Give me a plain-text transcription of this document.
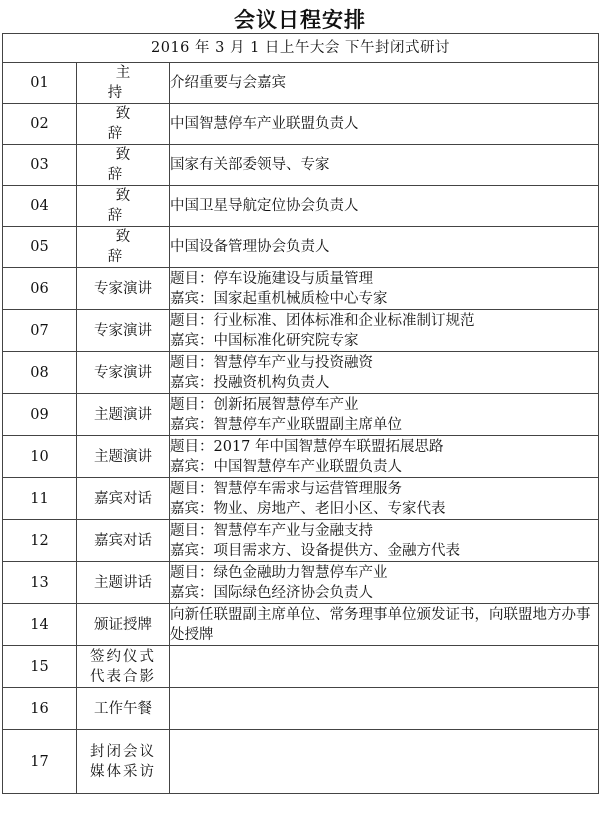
会议日程安排
2016 年 3 月 1 日上午大会 下午封闭式研讨		
01	主 持	介绍重要与会嘉宾

02	致 辞	中国智慧停车产业联盟负责人

03	致 辞	国家有关部委领导、专家

04	致 辞	中国卫星导航定位协会负责人

05	致 辞	中国设备管理协会负责人

06	专家演讲	题目：停车设施建设与质量管理
嘉宾：国家起重机械质检中心专家

07	专家演讲	题目：行业标准、团体标准和企业标准制订规范
嘉宾：中国标准化研究院专家

08	专家演讲	题目：智慧停车产业与投资融资
嘉宾：投融资机构负责人

09	主题演讲	题目：创新拓展智慧停车产业
嘉宾：智慧停车产业联盟副主席单位

10	主题演讲	题目：2017 年中国智慧停车联盟拓展思路
嘉宾：中国智慧停车产业联盟负责人

11	嘉宾对话	题目：智慧停车需求与运营管理服务
嘉宾：物业、房地产、老旧小区、专家代表

12	嘉宾对话	题目：智慧停车产业与金融支持
嘉宾：项目需求方、设备提供方、金融方代表

13	主题讲话	题目：绿色金融助力智慧停车产业
嘉宾：国际绿色经济协会负责人

14	颁证授牌	向新任联盟副主席单位、常务理事单位颁发证书，向联盟地方办事处授牌

15	签约仪式
代表合影	

16	工作午餐	
17	封闭会议
媒体采访	
